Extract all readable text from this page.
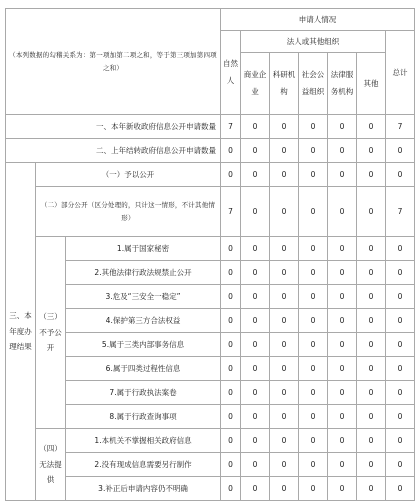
（本列数据的勾稽关系为：第一项加第二项之和，等于第三项加第四项之和）			申请人情况						
			自然人	法人或其他组织					总计
				商业企业	科研机构	社会公益组织	法律服务机构	其他	
一、本年新收政府信息公开申请数量			7	0	0	0	0	0	7
二、上年结转政府信息公开申请数量			0	0	0	0	0	0	0
三、本年度办理结果	（一）予以公开		0	0	0	0	0	0	0
	（二）部分公开（区分处理的，只计这一情形，不计其他情形）		7	0	0	0	0	0	7
	（三）不予公开	1.属于国家秘密	0	0	0	0	0	0	0
		2.其他法律行政法规禁止公开	0	0	0	0	0	0	0
		3.危及“三安全一稳定”	0	0	0	0	0	0	0
		4.保护第三方合法权益	0	0	0	0	0	0	0
		5.属于三类内部事务信息	0	0	0	0	0	0	0
		6.属于四类过程性信息	0	0	0	0	0	0	0
		7.属于行政执法案卷	0	0	0	0	0	0	0
		8.属于行政查询事项	0	0	0	0	0	0	0
	（四）无法提供	1.本机关不掌握相关政府信息	0	0	0	0	0	0	0
		2.没有现成信息需要另行制作	0	0	0	0	0	0	0
		3.补正后申请内容仍不明确	0	0	0	0	0	0	0
